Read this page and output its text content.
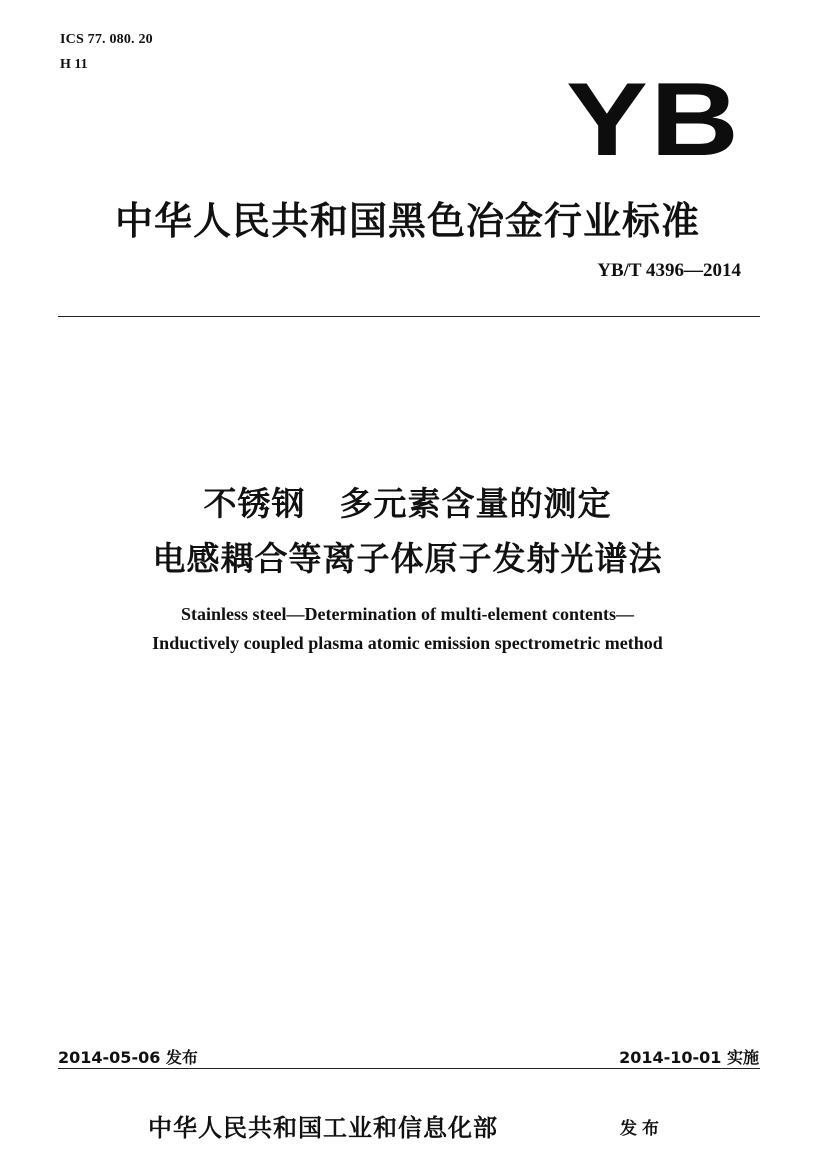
ICS 77. 080. 20
H 11	YB
中华人民共和国黑色冶金行业标准
YB/T 4396—2014
不锈钢　多元素含量的测定
电感耦合等离子体原子发射光谱法
Stainless steel—Determination of multi-element contents—
Inductively coupled plasma atomic emission spectrometric method
2014-05-06 发布	2014-10-01 实施
中华人民共和国工业和信息化部	发布
